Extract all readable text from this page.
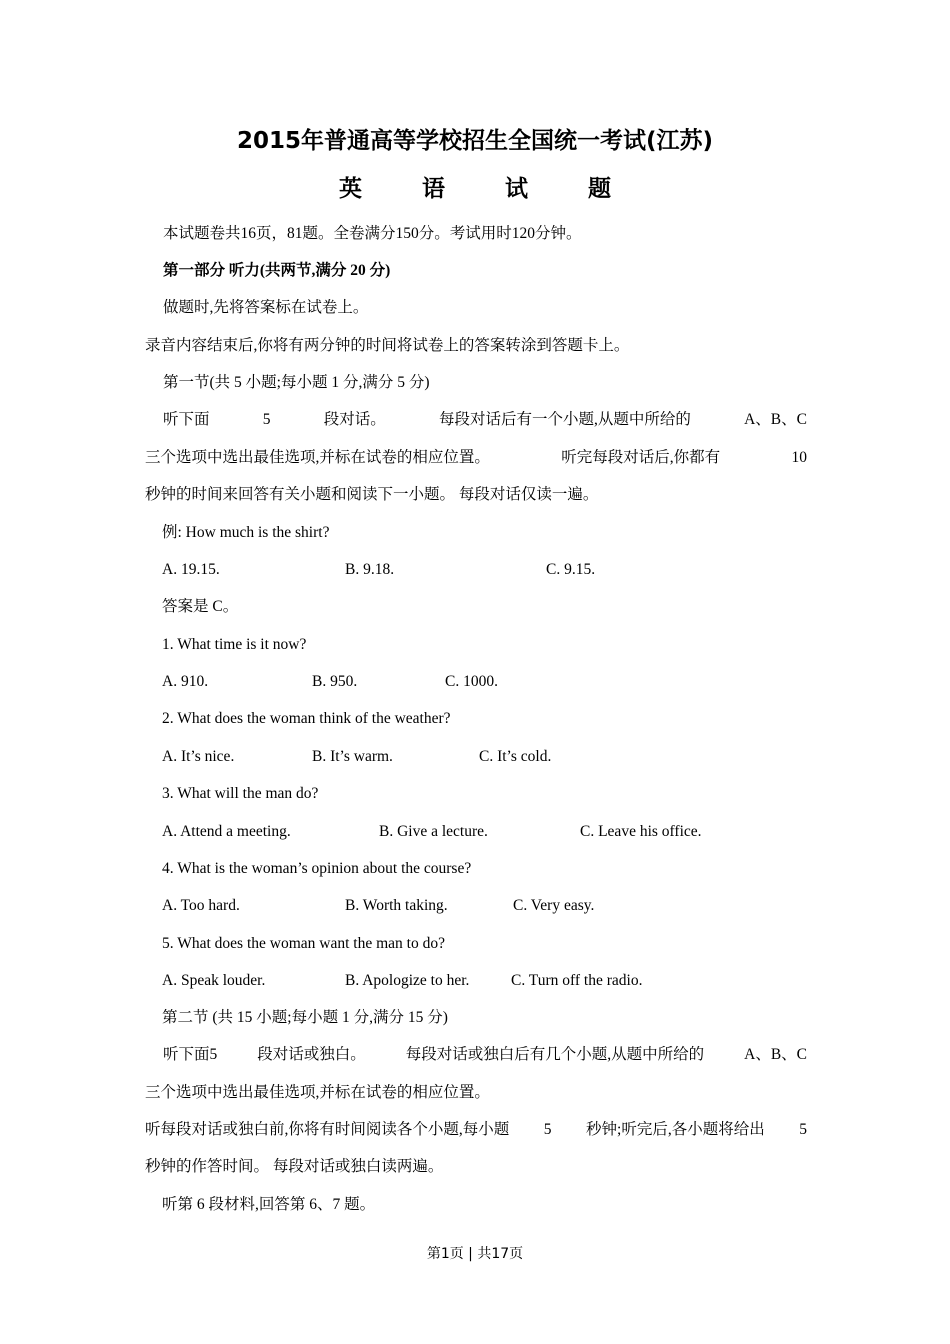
2015年普通高等学校招生全国统一考试(江苏)
英 语 试 题
本试题卷共16页，81题。全卷满分150分。考试用时120分钟。
第一部分 听力(共两节,满分 20 分)
做题时,先将答案标在试卷上。
录音内容结束后,你将有两分钟的时间将试卷上的答案转涂到答题卡上。
第一节(共 5 小题;每小题 1 分,满分 5 分)
听下面	5	段对话。	每段对话后有一个小题,从题中所给的	A、B、C
三个选项中选出最佳选项,并标在试卷的相应位置。	听完每段对话后,你都有	10
秒钟的时间来回答有关小题和阅读下一小题。 每段对话仅读一遍。
例: How much is the shirt?
A. 19.15.	B. 9.18.	C. 9.15.
答案是 C。
1. What time is it now?
A. 910.	B. 950.	C. 1000.
2. What does the woman think of the weather?
A. It’s nice.	B. It’s warm.	C. It’s cold.
3. What will the man do?
A. Attend a meeting.	B. Give a lecture.	C. Leave his office.
4. What is the woman’s opinion about the course?
A. Too hard.	B. Worth taking.	C. Very easy.
5. What does the woman want the man to do?
A. Speak louder.	B. Apologize to her.	C. Turn off the radio.
第二节 (共 15 小题;每小题 1 分,满分 15 分)
听下面5	段对话或独白。	每段对话或独白后有几个小题,从题中所给的	A、B、C
三个选项中选出最佳选项,并标在试卷的相应位置。
听每段对话或独白前,你将有时间阅读各个小题,每小题 5 秒钟;听完后,各小题将给出 5
秒钟的作答时间。 每段对话或独白读两遍。
听第 6 段材料,回答第 6、7 题。
第1页 | 共17页
